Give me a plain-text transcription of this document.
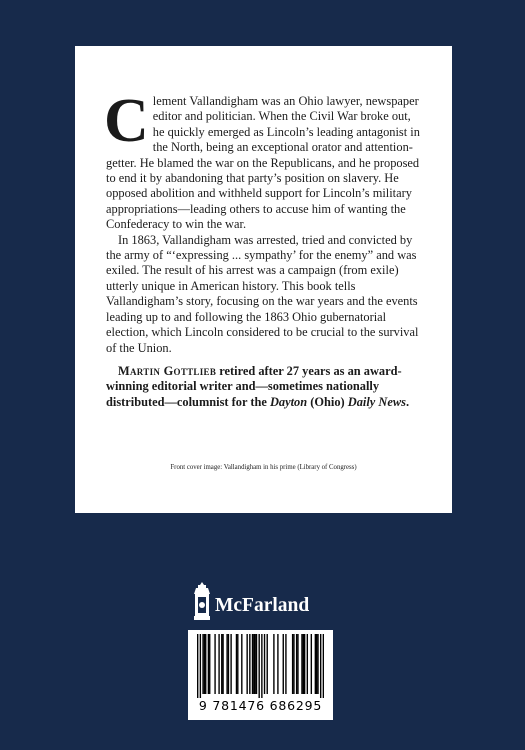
Clement Vallandigham was an Ohio lawyer, newspaper editor and politician. When the Civil War broke out, he quickly emerged as Lincoln’s leading antagonist in the North, being an exceptional orator and attention-getter. He blamed the war on the Republicans, and he proposed to end it by abandoning that party’s position on slavery. He opposed abolition and withheld support for Lincoln’s military appropriations—leading others to accuse him of wanting the Confederacy to win the war.

In 1863, Vallandigham was arrested, tried and convicted by the army of “‘expressing ... sympathy’ for the enemy” and was exiled. The result of his arrest was a campaign (from exile) utterly unique in American history. This book tells Vallandigham’s story, focusing on the war years and the events leading up to and following the 1863 Ohio gubernatorial election, which Lincoln considered to be crucial to the survival of the Union.

Martin Gottlieb retired after 27 years as an award-winning editorial writer and—sometimes nationally distributed—columnist for the Dayton (Ohio) Daily News.

Front cover image: Vallandigham in his prime (Library of Congress)
McFarland
9 781476 686295
